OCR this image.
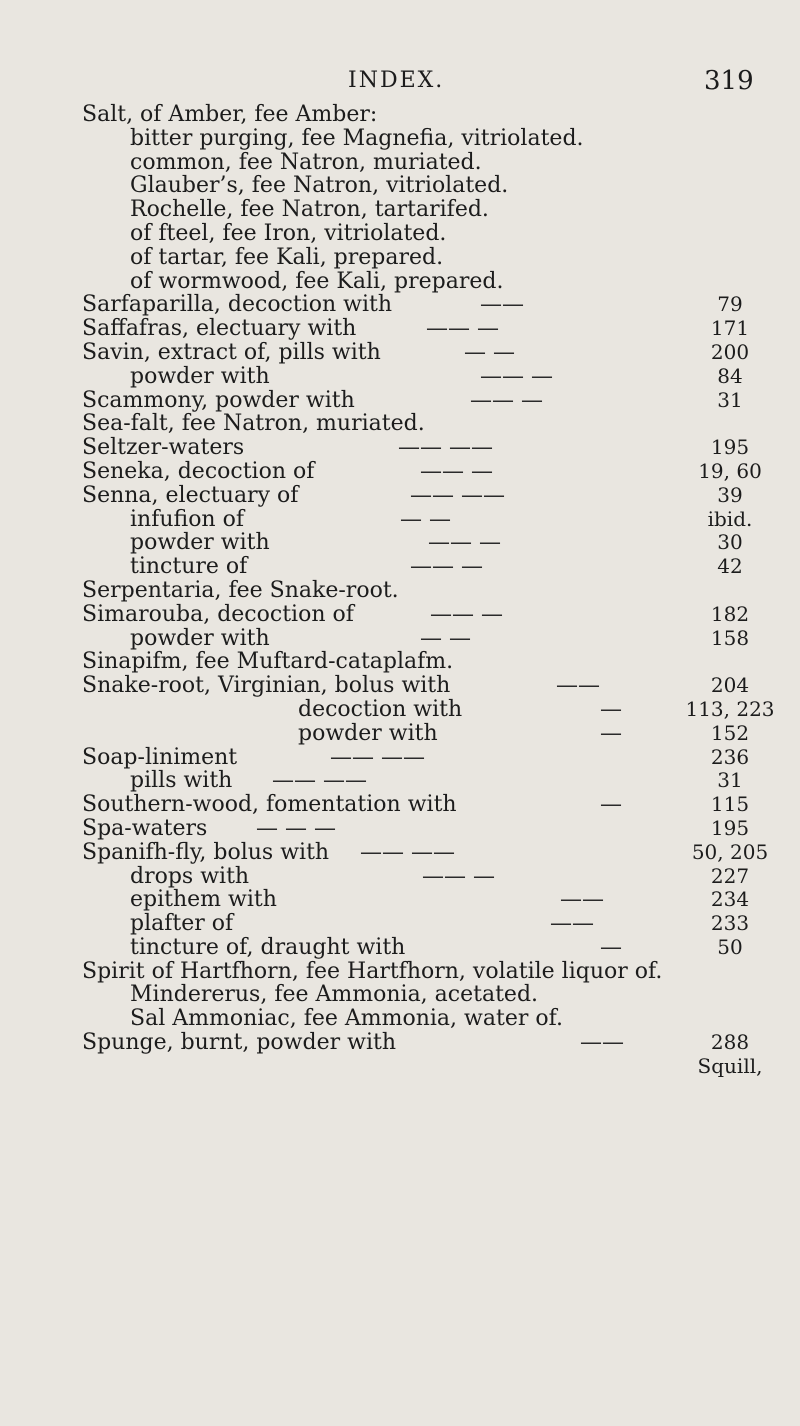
INDEX.	319
Salt, of Amber, fee Amber:
bitter purging, fee Magnefia, vitriolated.
common, fee Natron, muriated.
Glauber’s, fee Natron, vitriolated.
Rochelle, fee Natron, tartarifed.
of fteel, fee Iron, vitriolated.
of tartar, fee Kali, prepared.
of wormwood, fee Kali, prepared.
Sarfaparilla, decoction with	——	79
Saffafras, electuary with	—— —	171
Savin, extract of, pills with	— —	200
powder with	—— —	84
Scammony, powder with	—— —	31
Sea-falt, fee Natron, muriated.
Seltzer-waters	—— ——	195
Seneka, decoction of	—— —	19, 60
Senna, electuary of	—— ——	39
infufion of	— —	ibid.
powder with	—— —	30
tincture of	—— —	42
Serpentaria, fee Snake-root.
Simarouba, decoction of	—— —	182
powder with	— —	158
Sinapifm, fee Muftard-cataplafm.
Snake-root, Virginian, bolus with	——	204
decoction with	—	113, 223
powder with	—	152
Soap-liniment	—— ——	236
pills with —— ——	31
Southern-wood, fomentation with	—	115
Spa-waters — — —	195
Spanifh-fly, bolus with —— ——	50, 205
drops with	—— —	227
epithem with	——	234
plafter of	——	233
tincture of, draught with	—	50
Spirit of Hartfhorn, fee Hartfhorn, volatile liquor of.
Mindererus, fee Ammonia, acetated.
Sal Ammoniac, fee Ammonia, water of.
Spunge, burnt, powder with	——	288
Squill,
